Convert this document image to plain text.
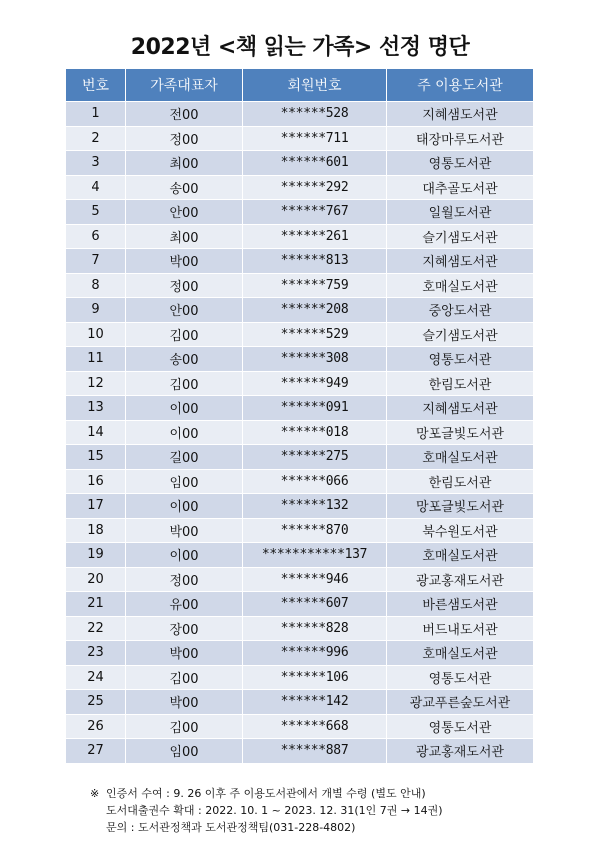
2022년 <책 읽는 가족> 선정 명단
번호	가족대표자	회원번호	주 이용도서관
1	전00	******528	지혜샘도서관
2	정00	******711	태장마루도서관
3	최00	******601	영통도서관
4	송00	******292	대추골도서관
5	안00	******767	일월도서관
6	최00	******261	슬기샘도서관
7	박00	******813	지혜샘도서관
8	정00	******759	호매실도서관
9	안00	******208	중앙도서관
10	김00	******529	슬기샘도서관
11	송00	******308	영통도서관
12	김00	******949	한림도서관
13	이00	******091	지혜샘도서관
14	이00	******018	망포글빛도서관
15	길00	******275	호매실도서관
16	임00	******066	한림도서관
17	이00	******132	망포글빛도서관
18	박00	******870	북수원도서관
19	이00	***********137	호매실도서관
20	정00	******946	광교홍재도서관
21	유00	******607	바른샘도서관
22	장00	******828	버드내도서관
23	박00	******996	호매실도서관
24	김00	******106	영통도서관
25	박00	******142	광교푸른숲도서관
26	김00	******668	영통도서관
27	임00	******887	광교홍재도서관
※ 인증서 수여 : 9. 26 이후 주 이용도서관에서 개별 수령 (별도 안내)
도서대출권수 확대 : 2022. 10. 1 ~ 2023. 12. 31(1인 7권 → 14권)
문의 : 도서관정책과 도서관정책팀(031-228-4802)
